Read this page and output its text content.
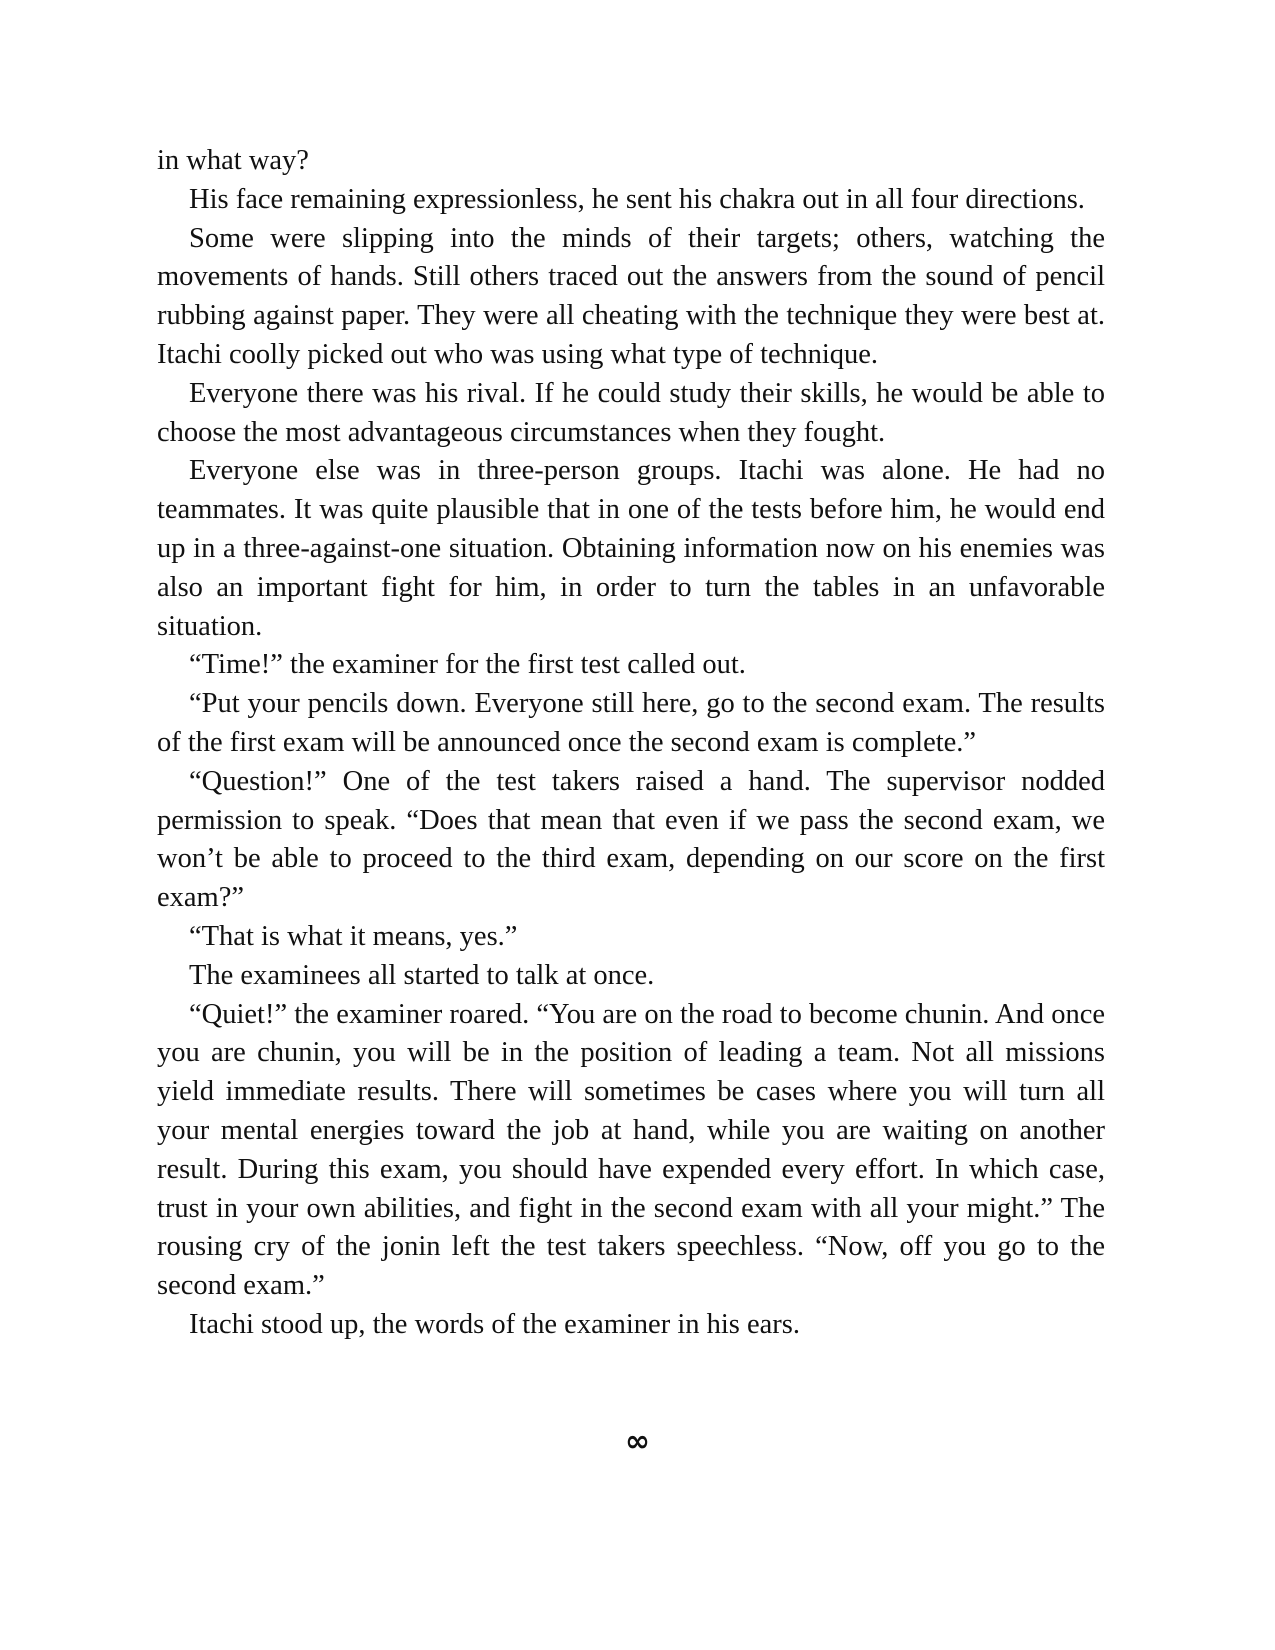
in what way?

His face remaining expressionless, he sent his chakra out in all four directions.

Some were slipping into the minds of their targets; others, watching the movements of hands. Still others traced out the answers from the sound of pencil rubbing against paper. They were all cheating with the technique they were best at. Itachi coolly picked out who was using what type of technique.

Everyone there was his rival. If he could study their skills, he would be able to choose the most advantageous circumstances when they fought.

Everyone else was in three-person groups. Itachi was alone. He had no teammates. It was quite plausible that in one of the tests before him, he would end up in a three-against-one situation. Obtaining information now on his enemies was also an important fight for him, in order to turn the tables in an unfavorable situation.

“Time!” the examiner for the first test called out.

“Put your pencils down. Everyone still here, go to the second exam. The results of the first exam will be announced once the second exam is complete.”

“Question!” One of the test takers raised a hand. The supervisor nodded permission to speak. “Does that mean that even if we pass the second exam, we won’t be able to proceed to the third exam, depending on our score on the first exam?”

“That is what it means, yes.”

The examinees all started to talk at once.

“Quiet!” the examiner roared. “You are on the road to become chunin. And once you are chunin, you will be in the position of leading a team. Not all missions yield immediate results. There will sometimes be cases where you will turn all your mental energies toward the job at hand, while you are waiting on another result. During this exam, you should have expended every effort. In which case, trust in your own abilities, and fight in the second exam with all your might.” The rousing cry of the jonin left the test takers speechless. “Now, off you go to the second exam.”

Itachi stood up, the words of the examiner in his ears.

∞
